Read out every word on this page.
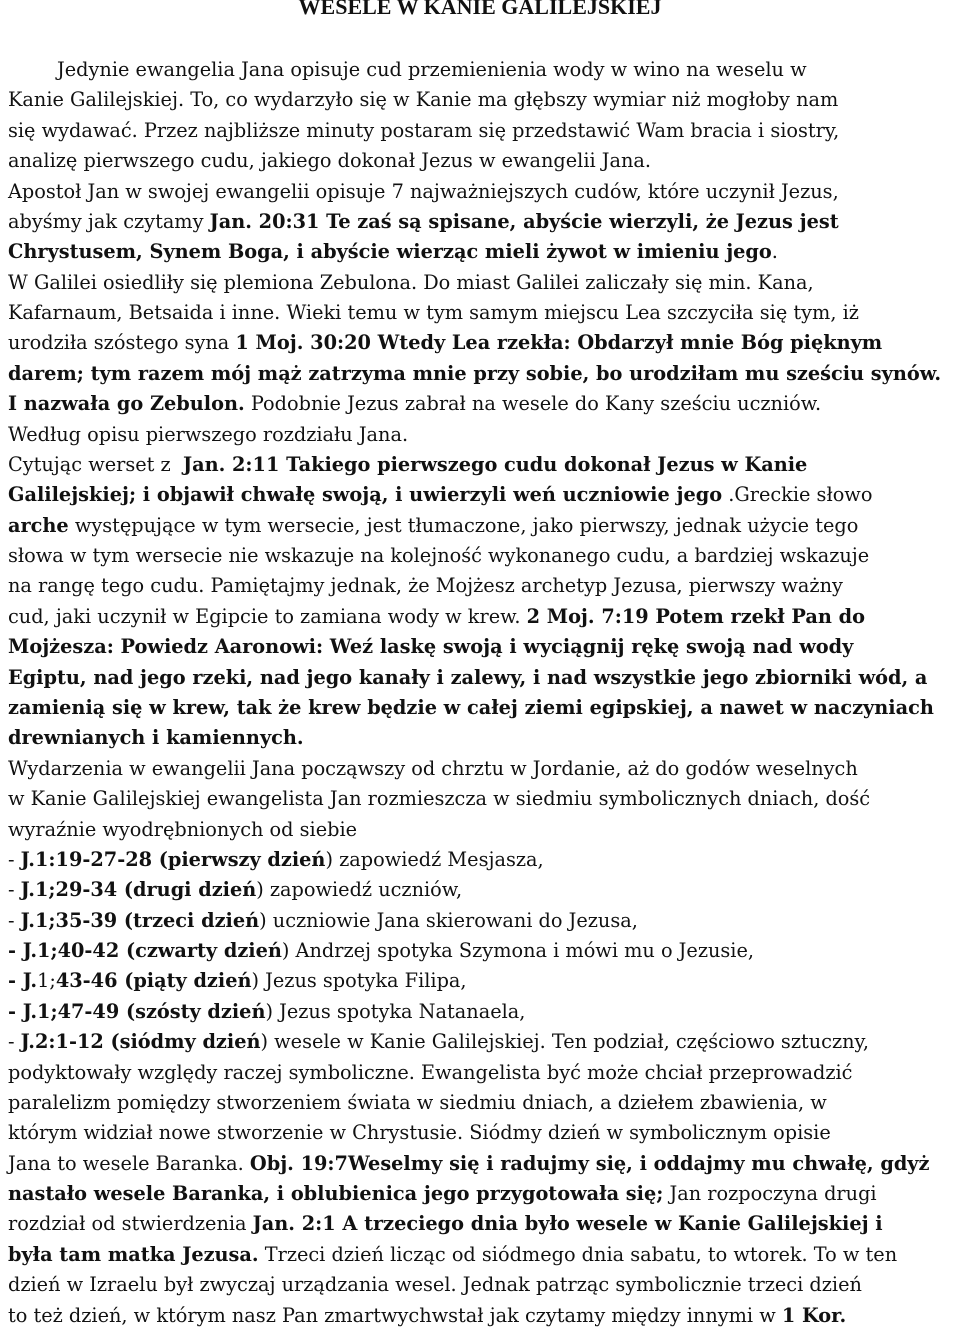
WESELE W KANIE GALILEJSKIEJ
Jedynie ewangelia Jana opisuje cud przemienienia wody w wino na weselu w
Kanie Galilejskiej. To, co wydarzyło się w Kanie ma głębszy wymiar niż mogłoby nam
się wydawać. Przez najbliższe minuty postaram się przedstawić Wam bracia i siostry,
analizę pierwszego cudu, jakiego dokonał Jezus w ewangelii Jana.
Apostoł Jan w swojej ewangelii opisuje 7 najważniejszych cudów, które uczynił Jezus,
abyśmy jak czytamy Jan. 20:31 Te zaś są spisane, abyście wierzyli, że Jezus jest
Chrystusem, Synem Boga, i abyście wierząc mieli żywot w imieniu jego.
W Galilei osiedliły się plemiona Zebulona. Do miast Galilei zaliczały się min. Kana,
Kafarnaum, Betsaida i inne. Wieki temu w tym samym miejscu Lea szczyciła się tym, iż
urodziła szóstego syna 1 Moj. 30:20 Wtedy Lea rzekła: Obdarzył mnie Bóg pięknym
darem; tym razem mój mąż zatrzyma mnie przy sobie, bo urodziłam mu sześciu synów.
I nazwała go Zebulon. Podobnie Jezus zabrał na wesele do Kany sześciu uczniów.
Według opisu pierwszego rozdziału Jana.
Cytując werset z  Jan. 2:11 Takiego pierwszego cudu dokonał Jezus w Kanie
Galilejskiej; i objawił chwałę swoją, i uwierzyli weń uczniowie jego .Greckie słowo
arche występujące w tym wersecie, jest tłumaczone, jako pierwszy, jednak użycie tego
słowa w tym wersecie nie wskazuje na kolejność wykonanego cudu, a bardziej wskazuje
na rangę tego cudu. Pamiętajmy jednak, że Mojżesz archetyp Jezusa, pierwszy ważny
cud, jaki uczynił w Egipcie to zamiana wody w krew. 2 Moj. 7:19 Potem rzekł Pan do
Mojżesza: Powiedz Aaronowi: Weź laskę swoją i wyciągnij rękę swoją nad wody
Egiptu, nad jego rzeki, nad jego kanały i zalewy, i nad wszystkie jego zbiorniki wód, a
zamienią się w krew, tak że krew będzie w całej ziemi egipskiej, a nawet w naczyniach
drewnianych i kamiennych.
Wydarzenia w ewangelii Jana począwszy od chrztu w Jordanie, aż do godów weselnych
w Kanie Galilejskiej ewangelista Jan rozmieszcza w siedmiu symbolicznych dniach, dość
wyraźnie wyodrębnionych od siebie
- J.1:19-27-28 (pierwszy dzień) zapowiedź Mesjasza,
- J.1;29-34 (drugi dzień) zapowiedź uczniów,
- J.1;35-39 (trzeci dzień) uczniowie Jana skierowani do Jezusa,
- J.1;40-42 (czwarty dzień) Andrzej spotyka Szymona i mówi mu o Jezusie,
- J.1;43-46 (piąty dzień) Jezus spotyka Filipa,
- J.1;47-49 (szósty dzień) Jezus spotyka Natanaela,
- J.2:1-12 (siódmy dzień) wesele w Kanie Galilejskiej. Ten podział, częściowo sztuczny,
podyktowały względy raczej symboliczne. Ewangelista być może chciał przeprowadzić
paralelizm pomiędzy stworzeniem świata w siedmiu dniach, a dziełem zbawienia, w
którym widział nowe stworzenie w Chrystusie. Siódmy dzień w symbolicznym opisie
Jana to wesele Baranka. Obj. 19:7Weselmy się i radujmy się, i oddajmy mu chwałę, gdyż
nastało wesele Baranka, i oblubienica jego przygotowała się; Jan rozpoczyna drugi
rozdział od stwierdzenia Jan. 2:1 A trzeciego dnia było wesele w Kanie Galilejskiej i
była tam matka Jezusa. Trzeci dzień licząc od siódmego dnia sabatu, to wtorek. To w ten
dzień w Izraelu był zwyczaj urządzania wesel. Jednak patrząc symbolicznie trzeci dzień
to też dzień, w którym nasz Pan zmartwychwstał jak czytamy między innymi w 1 Kor.
